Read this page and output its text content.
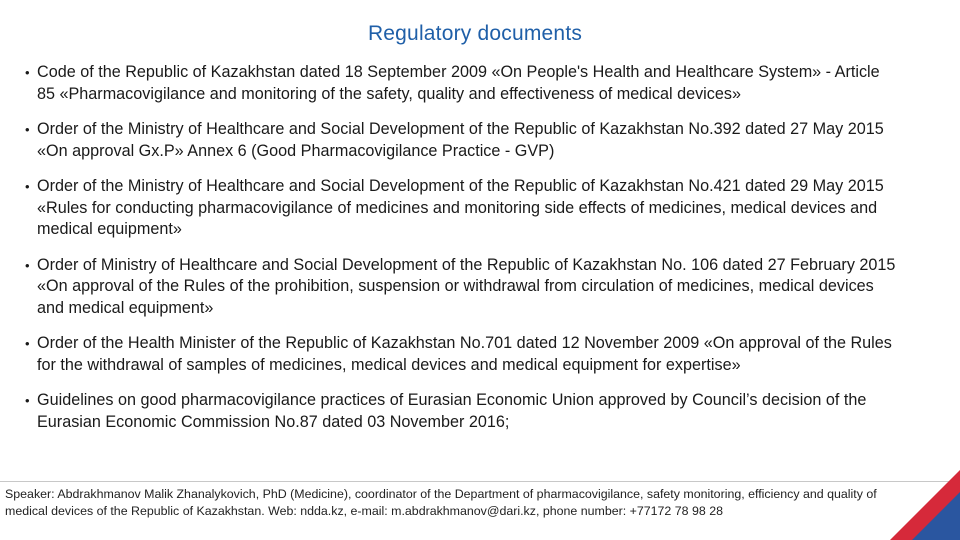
Regulatory documents
• Code of the Republic of Kazakhstan dated 18 September 2009 «On People's Health and Healthcare System» - Article 85 «Pharmacovigilance and monitoring of the safety, quality and effectiveness of medical devices»
• Order of the Ministry of Healthcare and Social Development of the Republic of Kazakhstan No.392 dated 27 May 2015 «On approval Gx.P» Annex 6 (Good Pharmacovigilance Practice - GVP)
• Order of the Ministry of Healthcare and Social Development of the Republic of Kazakhstan No.421 dated 29 May 2015 «Rules for conducting pharmacovigilance of medicines and monitoring side effects of medicines, medical devices and medical equipment»
• Order of Ministry of Healthcare and Social Development of the Republic of Kazakhstan No. 106 dated 27 February 2015 «On approval of the Rules of the prohibition, suspension or withdrawal from circulation of medicines, medical devices and medical equipment»
• Order of the Health Minister of the Republic of Kazakhstan No.701 dated 12 November 2009 «On approval of the Rules for the withdrawal of samples of medicines, medical devices and medical equipment for expertise»
• Guidelines on good pharmacovigilance practices of Eurasian Economic Union approved by Council’s decision of the Eurasian Economic Commission No.87 dated 03 November 2016;
Speaker: Abdrakhmanov Malik Zhanalykovich, PhD (Medicine), coordinator of the Department of pharmacovigilance, safety monitoring, efficiency and quality of medical devices of the Republic of Kazakhstan. Web: ndda.kz, e-mail: m.abdrakhmanov@dari.kz, phone number: +77172 78 98 28
